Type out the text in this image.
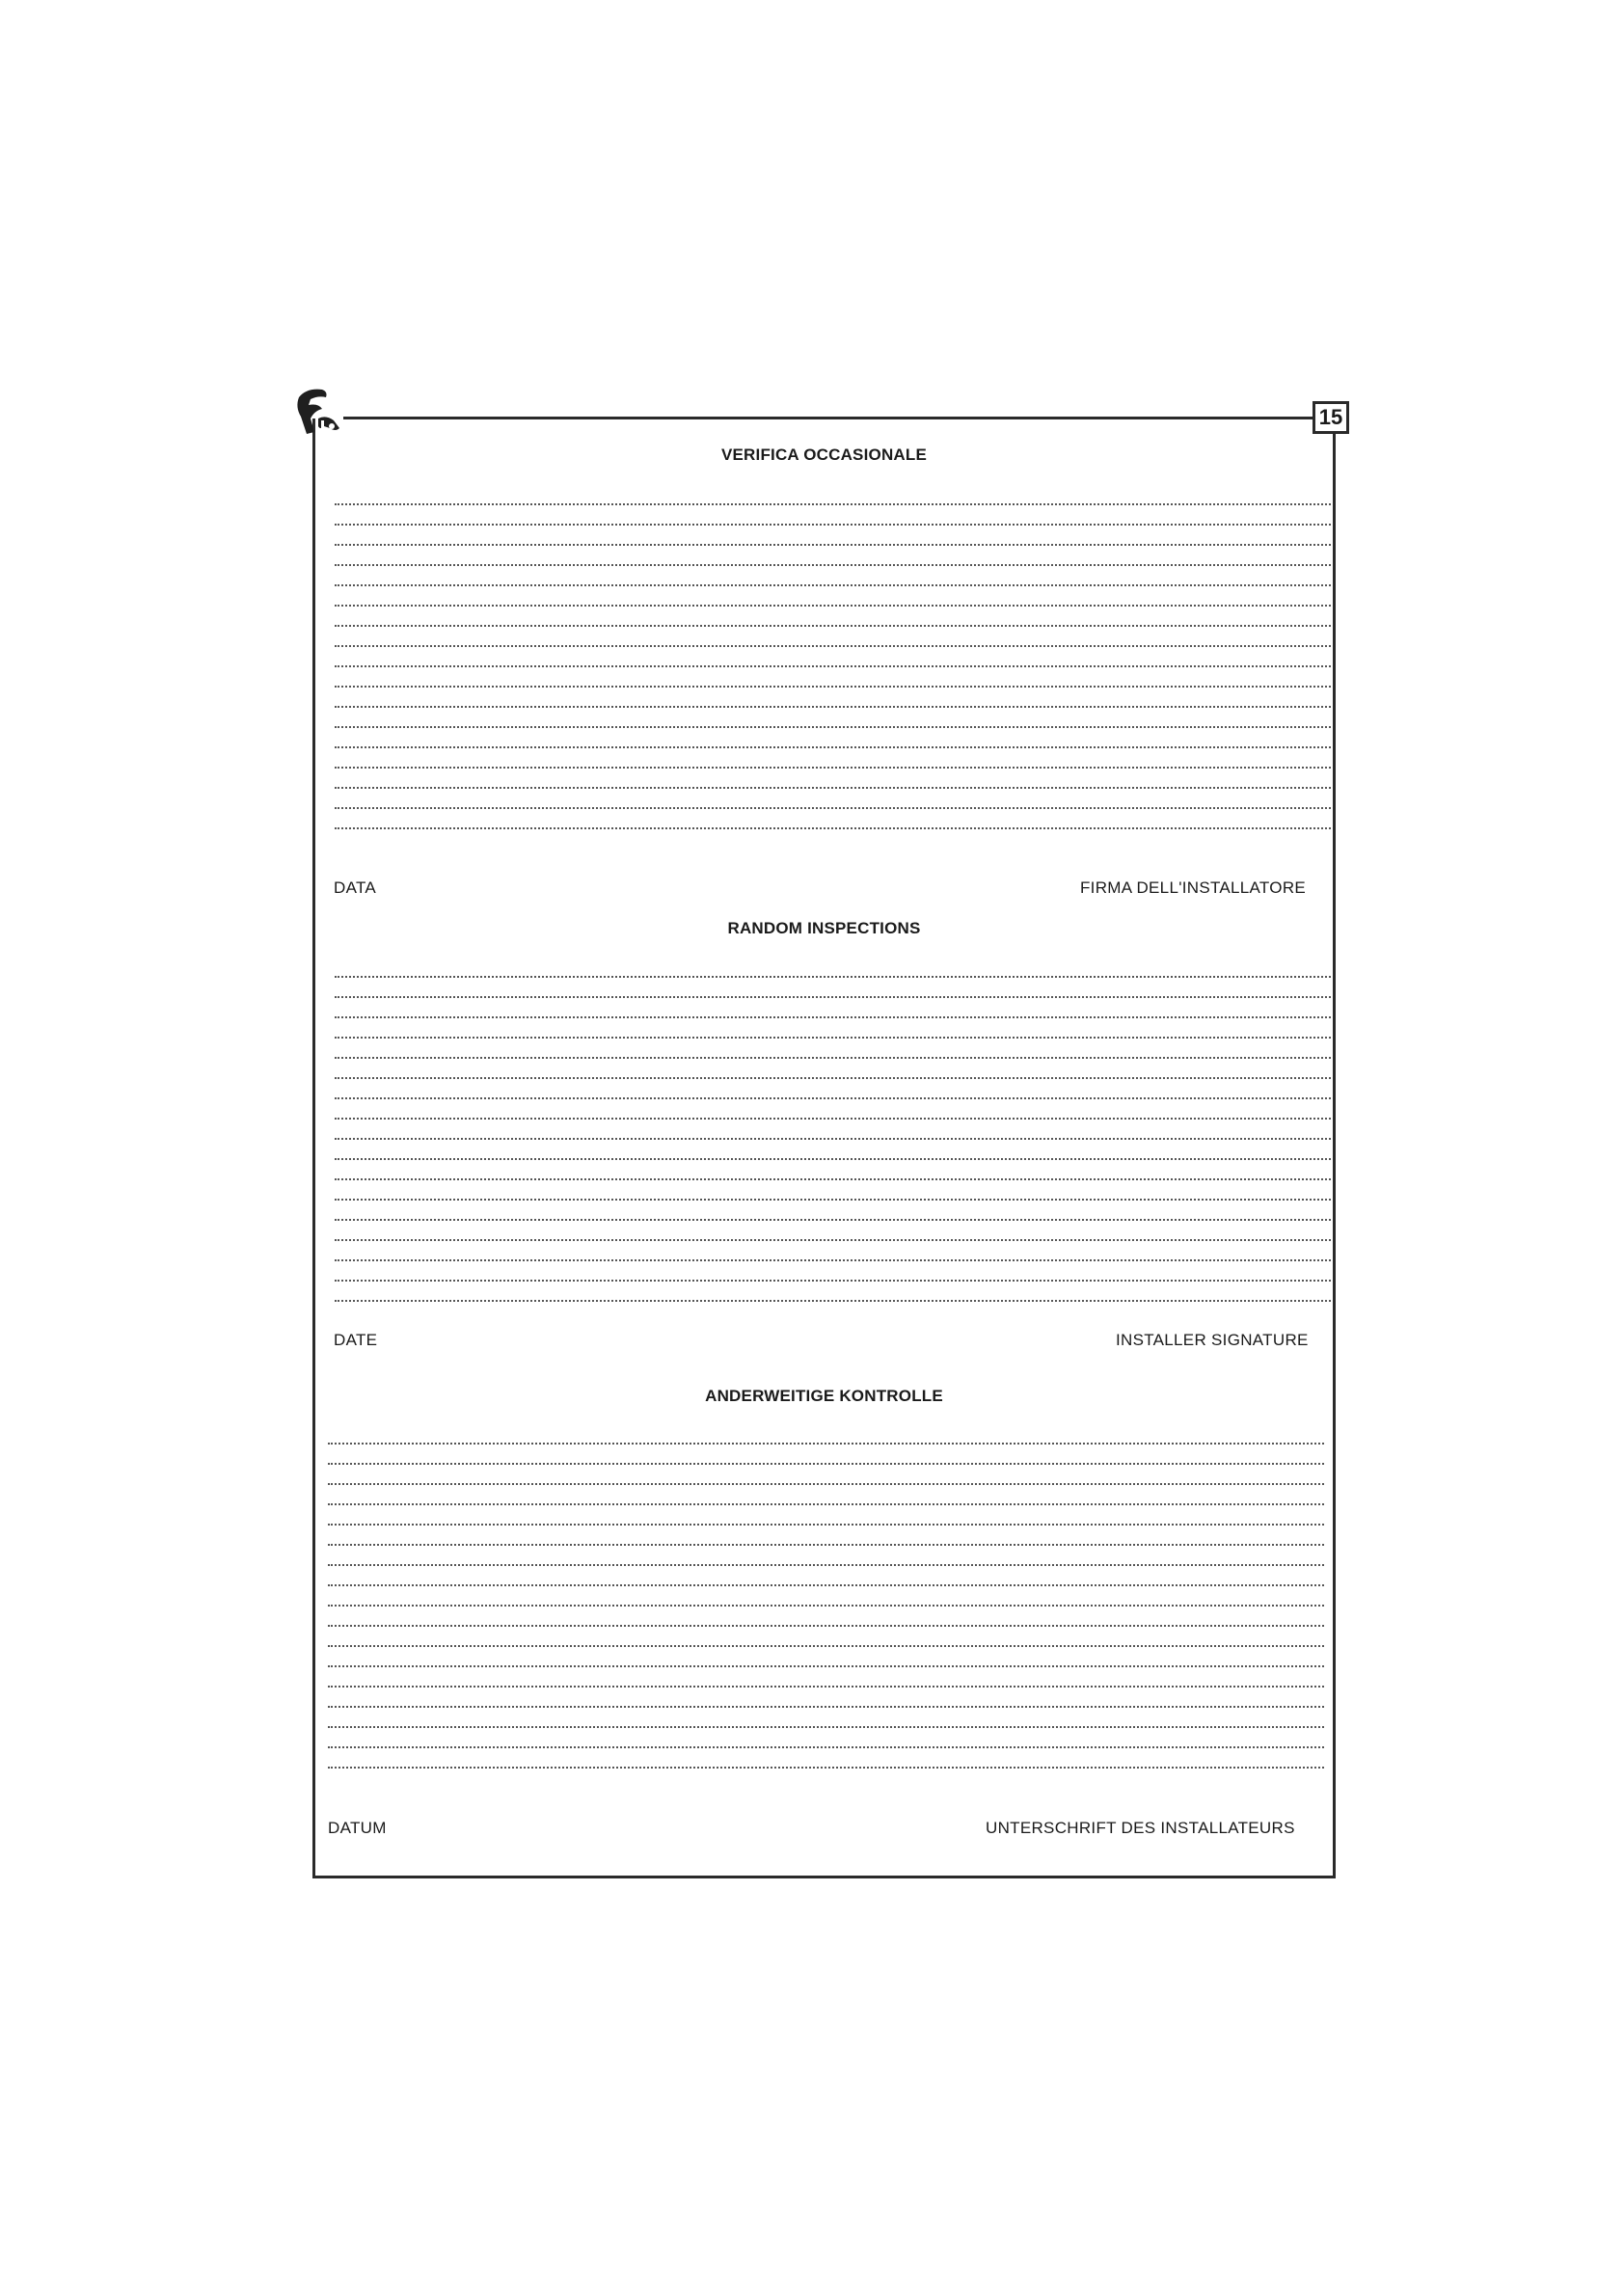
15
VERIFICA OCCASIONALE
DATA	FIRMA DELL'INSTALLATORE
RANDOM INSPECTIONS
DATE	INSTALLER SIGNATURE
ANDERWEITIGE KONTROLLE
DATUM	UNTERSCHRIFT DES INSTALLATEURS
